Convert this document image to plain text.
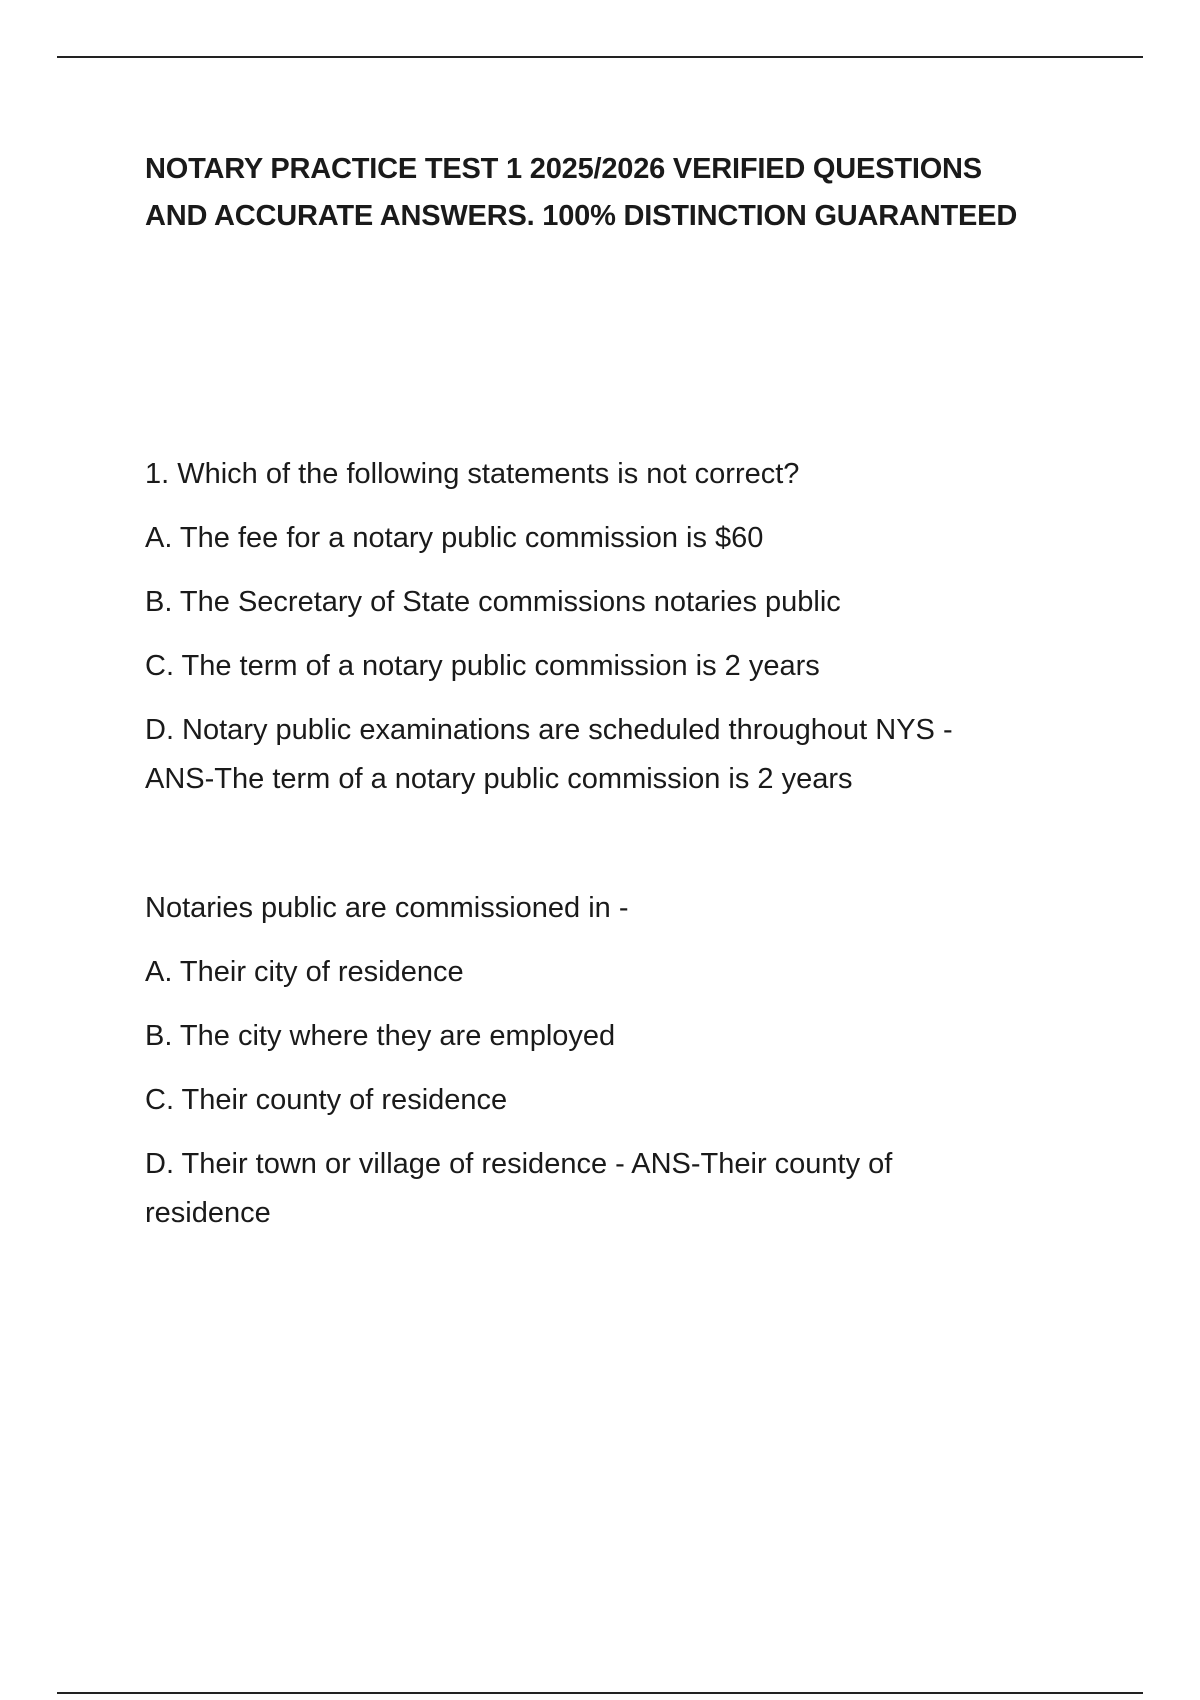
NOTARY PRACTICE TEST 1 2025/2026 VERIFIED QUESTIONS
AND ACCURATE ANSWERS. 100% DISTINCTION GUARANTEED

1. Which of the following statements is not correct?

A. The fee for a notary public commission is $60

B. The Secretary of State commissions notaries public

C. The term of a notary public commission is 2 years

D. Notary public examinations are scheduled throughout NYS -

ANS-The term of a notary public commission is 2 years

Notaries public are commissioned in -

A. Their city of residence

B. The city where they are employed

C. Their county of residence

D. Their town or village of residence - ANS-Their county of

residence
